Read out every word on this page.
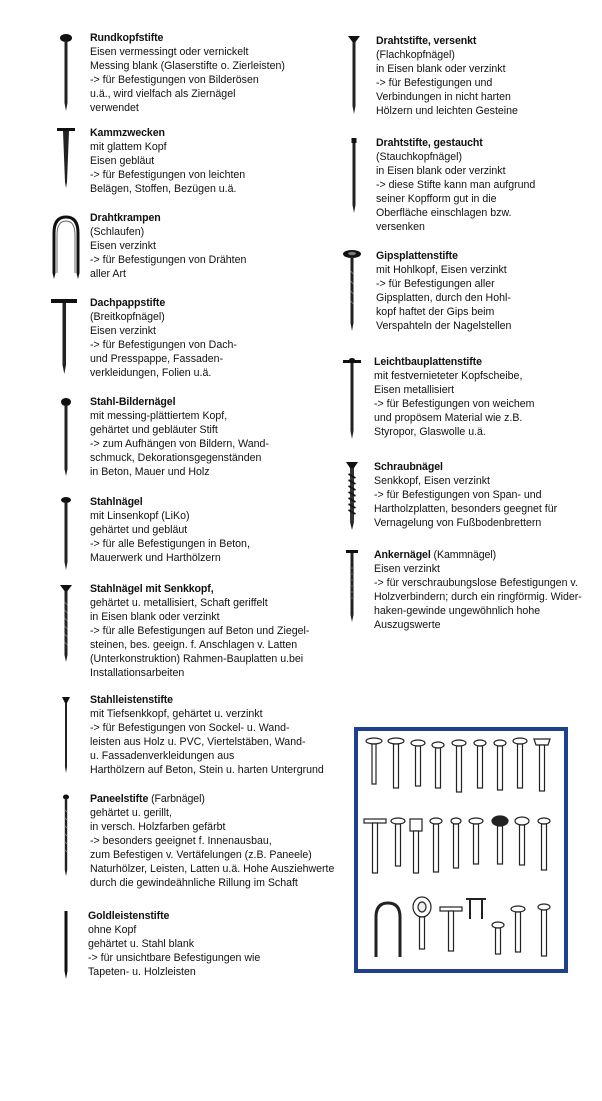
Rundkopfstifte
Eisen vermessingt oder vernickelt
Messing blank (Glaserstifte o. Zierleisten)
-> für Befestigungen von Bilderösen
u.ä., wird vielfach als Ziernägel
verwendet
Kammzwecken
mit glattem Kopf
Eisen gebläut
-> für Befestigungen von leichten
Belägen, Stoffen, Bezügen u.ä.
Drahtkrampen
(Schlaufen)
Eisen verzinkt
-> für Befestigungen von Drähten
aller Art
Dachpappstifte
(Breitkopfnägel)
Eisen verzinkt
-> für Befestigungen von Dach-
und Presspappe, Fassaden-
verkleidungen, Folien u.ä.
Stahl-Bildernägel
mit messing-plättiertem Kopf,
gehärtet und gebläuter Stift
-> zum Aufhängen von Bildern, Wand-
schmuck, Dekorationsgegenständen
in Beton, Mauer und Holz
Stahlnägel
mit Linsenkopf (LiKo)
gehärtet und gebläut
-> für alle Befestigungen in Beton,
Mauerwerk und Harthölzern
Stahlnägel mit Senkkopf,
gehärtet u. metallisiert, Schaft geriffelt
in Eisen blank oder verzinkt
-> für alle Befestigungen auf Beton und Ziegel-
steinen, bes. geeign. f. Anschlagen v. Latten
(Unterkonstruktion) Rahmen-Bauplatten u.bei
Installationsarbeiten
Stahlleistenstifte
mit Tiefsenkkopf, gehärtet u. verzinkt
-> für Befestigungen von Sockel- u. Wand-
leisten aus Holz u. PVC, Viertelstäben, Wand-
u. Fassadenverkleidungen aus
Harthölzern auf Beton, Stein u. harten Untergrund
Paneelstifte (Farbnägel)
gehärtet u. gerillt,
in versch. Holzfarben gefärbt
-> besonders geeignet f. Innenausbau,
zum Befestigen v. Vertäfelungen (z.B. Paneele)
Naturhölzer, Leisten, Latten u.ä. Hohe Ausziehwerte
durch die gewindeähnliche Rillung im Schaft
Goldleistenstifte
ohne Kopf
gehärtet u. Stahl blank
-> für unsichtbare Befestigungen wie
Tapeten- u. Holzleisten
Drahtstifte, versenkt
(Flachkopfnägel)
in Eisen blank oder verzinkt
-> für Befestigungen und
Verbindungen in nicht harten
Hölzern und leichten Gesteine
Drahtstifte, gestaucht
(Stauchkopfnägel)
in Eisen blank oder verzinkt
-> diese Stifte kann man aufgrund
seiner Kopfform gut in die
Oberfläche einschlagen bzw.
versenken
Gipsplattenstifte
mit Hohlkopf, Eisen verzinkt
-> für Befestigungen aller
Gipsplatten, durch den Hohl-
kopf haftet der Gips beim
Verspahteln der Nagelstellen
Leichtbauplattenstifte
mit festvernieteter Kopfscheibe,
Eisen metallisiert
-> für Befestigungen von weichem
und propösem Material wie z.B.
Styropor, Glaswolle u.ä.
Schraubnägel
Senkkopf, Eisen verzinkt
-> für Befestigungen von Span- und
Hartholzplatten, besonders geegnet für
Vernagelung von Fußbodenbrettern
Ankernägel (Kammnägel)
Eisen verzinkt
-> für verschraubungslose Befestigungen v.
Holzverbindern; durch ein ringförmig. Wider-
haken-gewinde ungewöhnlich hohe
Auszugswerte
